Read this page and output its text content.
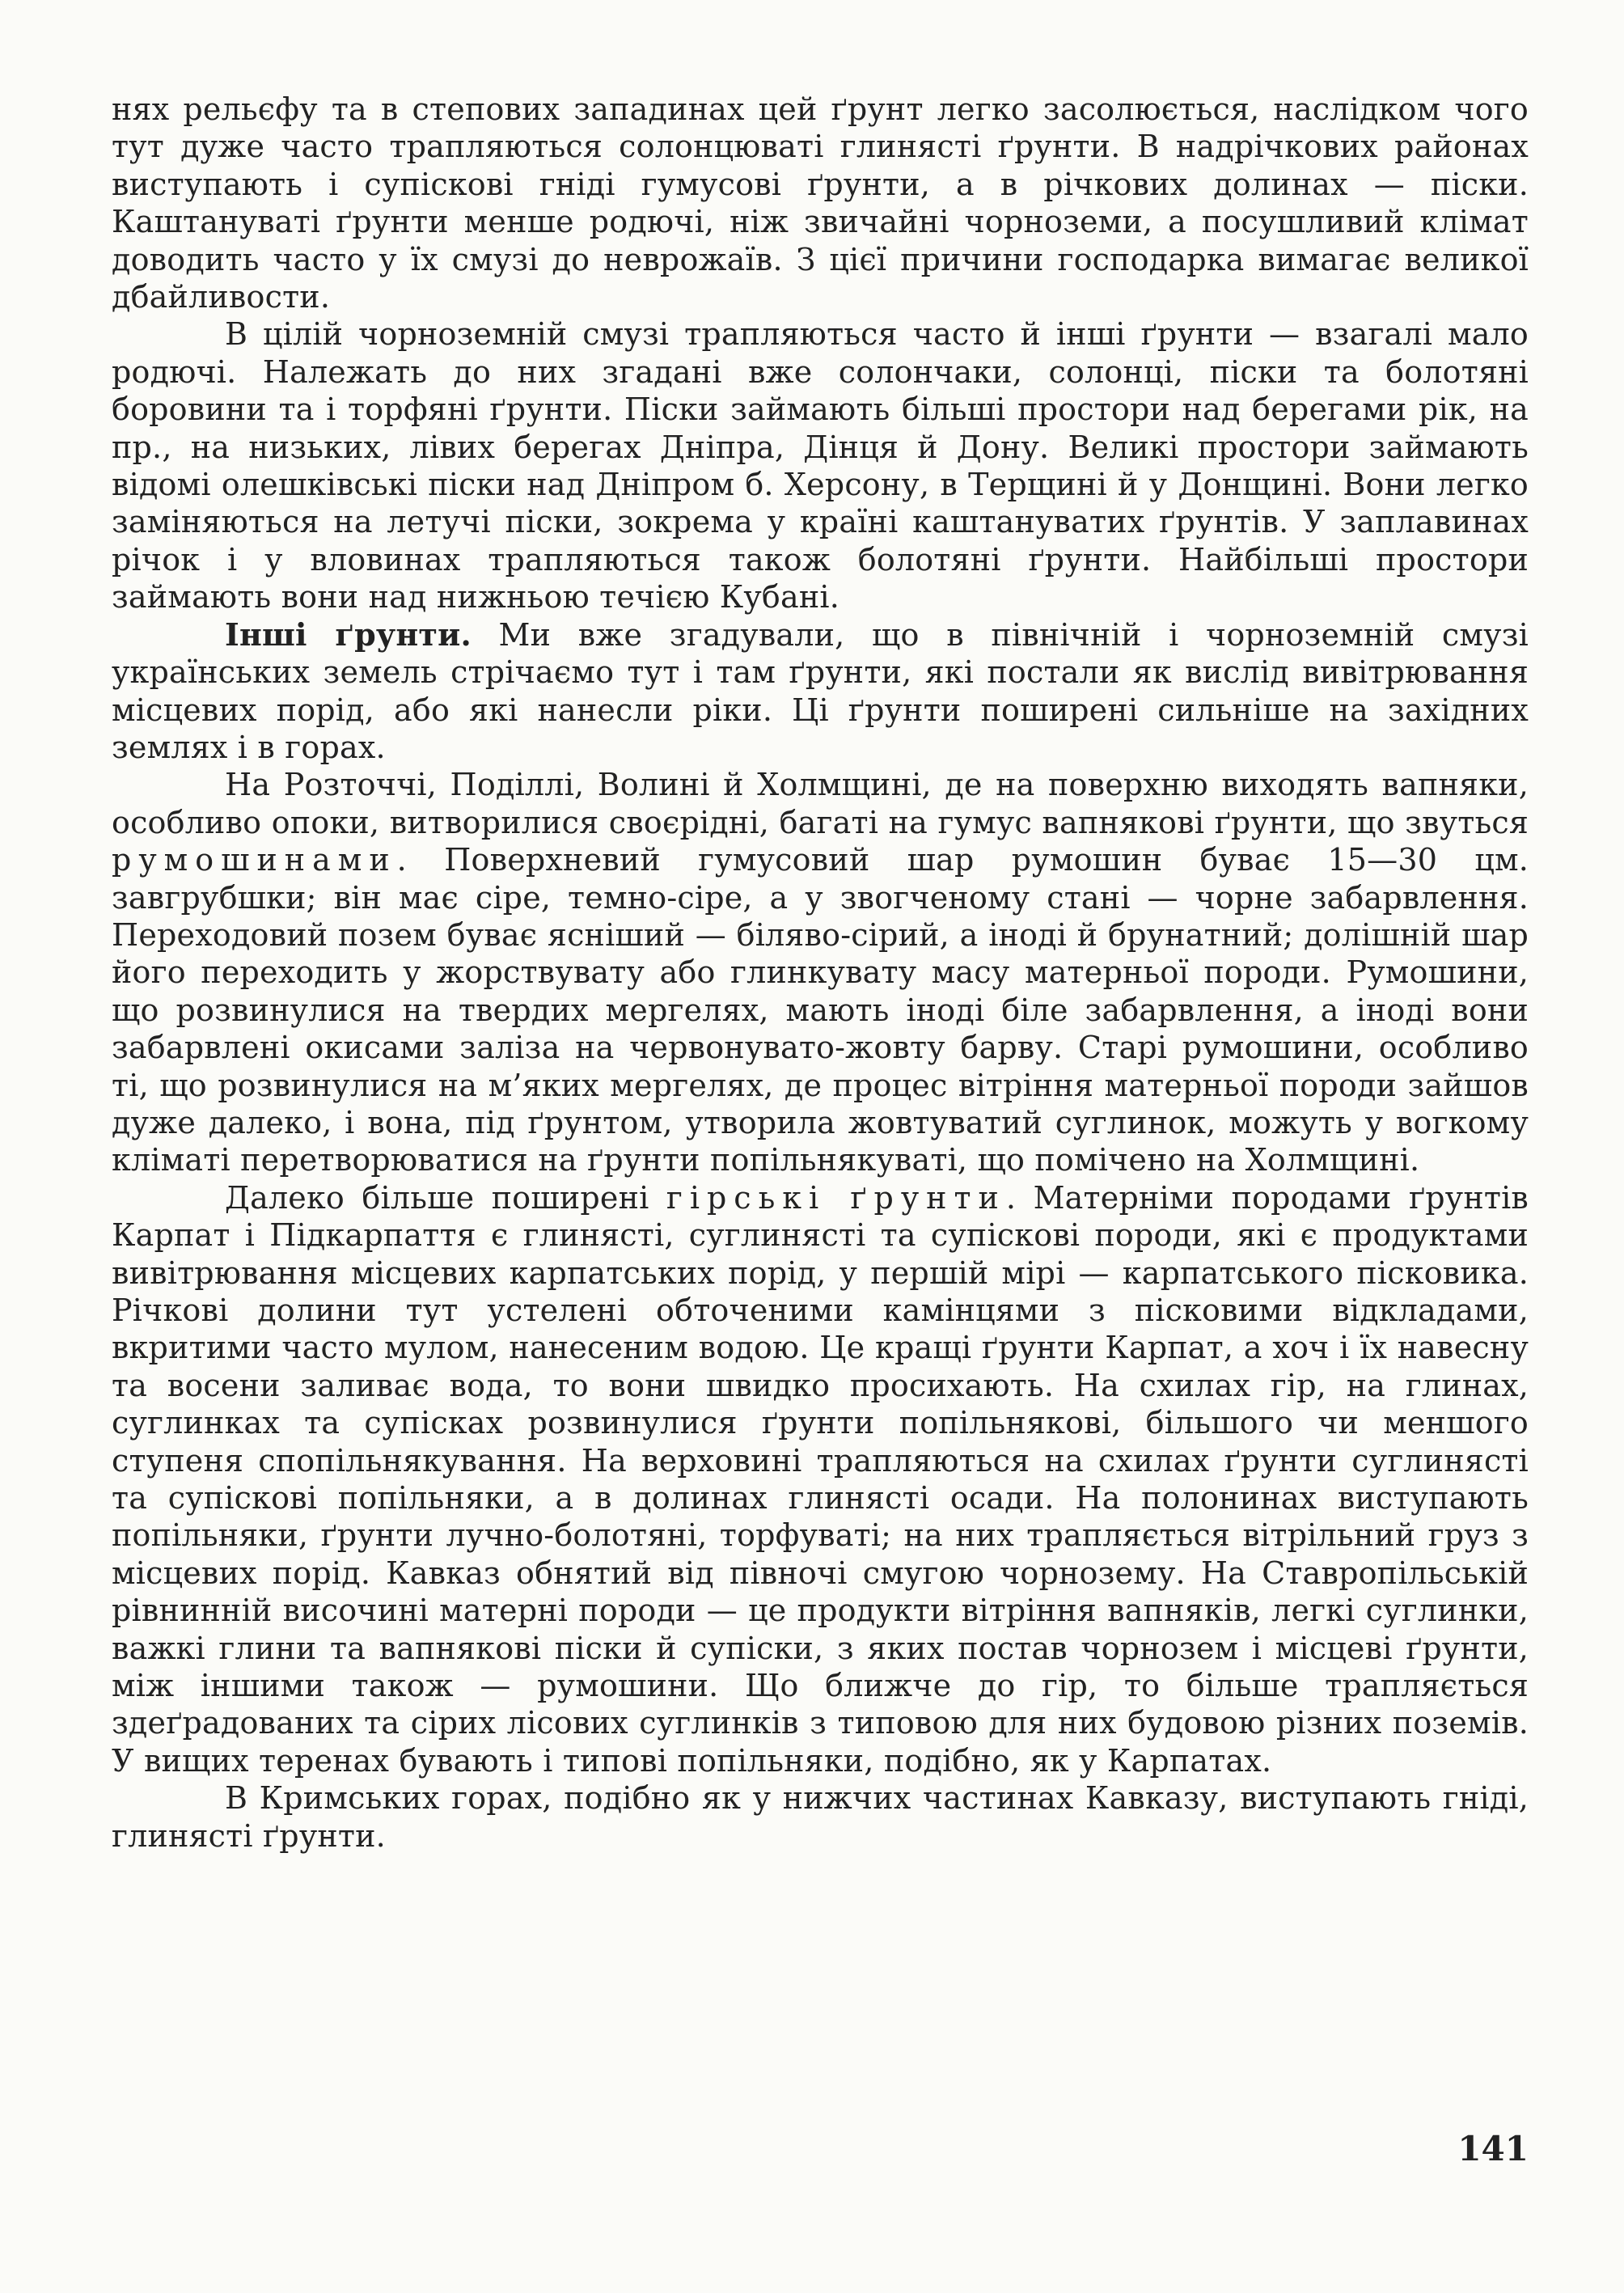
нях рельєфу та в степових западинах цей ґрунт легко засолюється, наслідком чого тут дуже часто трапляються солонцюваті глинясті ґрунти. В надрічкових районах виступають і супіскові гніді гумусові ґрунти, а в річкових долинах — піски. Каштануваті ґрунти менше родючі, ніж звичайні чорноземи, а посушливий клімат доводить часто у їх смузі до неврожаїв. З цієї причини господарка вимагає великої дбайливости.

В цілій чорноземній смузі трапляються часто й інші ґрунти — взагалі мало родючі. Належать до них згадані вже солончаки, солонці, піски та болотяні боровини та і торфяні ґрунти. Піски займають більші простори над берегами рік, на пр., на низьких, лівих берегах Дніпра, Дінця й Дону. Великі простори займають відомі олешківські піски над Дніпром б. Херсону, в Терщині й у Донщині. Вони легко заміняються на летучі піски, зокрема у країні каштануватих ґрунтів. У заплавинах річок і у вловинах трапляються також болотяні ґрунти. Найбільші простори займають вони над нижньою течією Кубані.

Інші ґрунти. Ми вже згадували, що в північній і чорноземній смузі українських земель стрічаємо тут і там ґрунти, які постали як вислід вивітрювання місцевих порід, або які нанесли ріки. Ці ґрунти поширені сильніше на західних землях і в горах.

На Розточчі, Поділлі, Волині й Холмщині, де на поверхню виходять вапняки, особливо опоки, витворилися своєрідні, багаті на гумус вапнякові ґрунти, що звуться румошинами. Поверхневий гумусовий шар румошин буває 15—30 цм. завгрубшки; він має сіре, темно-сіре, а у звогченому стані — чорне забарвлення. Переходовий позем буває ясніший — біляво-сірий, а іноді й брунатний; долішній шар його переходить у жорствувату або глинкувату масу матерньої породи. Румошини, що розвинулися на твердих мергелях, мають іноді біле забарвлення, а іноді вони забарвлені окисами заліза на червонувато-жовту барву. Старі румошини, особливо ті, що розвинулися на м’яких мергелях, де процес вітріння матерньої породи зайшов дуже далеко, і вона, під ґрунтом, утворила жовтуватий суглинок, можуть у вогкому кліматі перетворюватися на ґрунти попільнякуваті, що помічено на Холмщині.

Далеко більше поширені гірські ґрунти. Матерніми породами ґрунтів Карпат і Підкарпаття є глинясті, суглинясті та супіскові породи, які є продуктами вивітрювання місцевих карпатських порід, у першій мірі — карпатського пісковика. Річкові долини тут устелені обточеними камінцями з пісковими відкладами, вкритими часто мулом, нанесеним водою. Це кращі ґрунти Карпат, а хоч і їх навесну та восени заливає вода, то вони швидко просихають. На схилах гір, на глинах, суглинках та супісках розвинулися ґрунти попільнякові, більшого чи меншого ступеня спопільнякування. На верховині трапляються на схилах ґрунти суглинясті та супіскові попільняки, а в долинах глинясті осади. На полонинах виступають попільняки, ґрунти лучно-болотяні, торфуваті; на них трапляється вітрільний груз з місцевих порід. Кавказ обнятий від півночі смугою чорнозему. На Ставропільській рівнинній височині матерні породи — це продукти вітріння вапняків, легкі суглинки, важкі глини та вапнякові піски й супіски, з яких постав чорнозем і місцеві ґрунти, між іншими також — румошини. Що ближче до гір, то більше трапляється здеґрадованих та сірих лісових суглинків з типовою для них будовою різних поземів. У вищих теренах бувають і типові попільняки, подібно, як у Карпатах.

В Кримських горах, подібно як у нижчих частинах Кавказу, виступають гніді, глинясті ґрунти.

141
